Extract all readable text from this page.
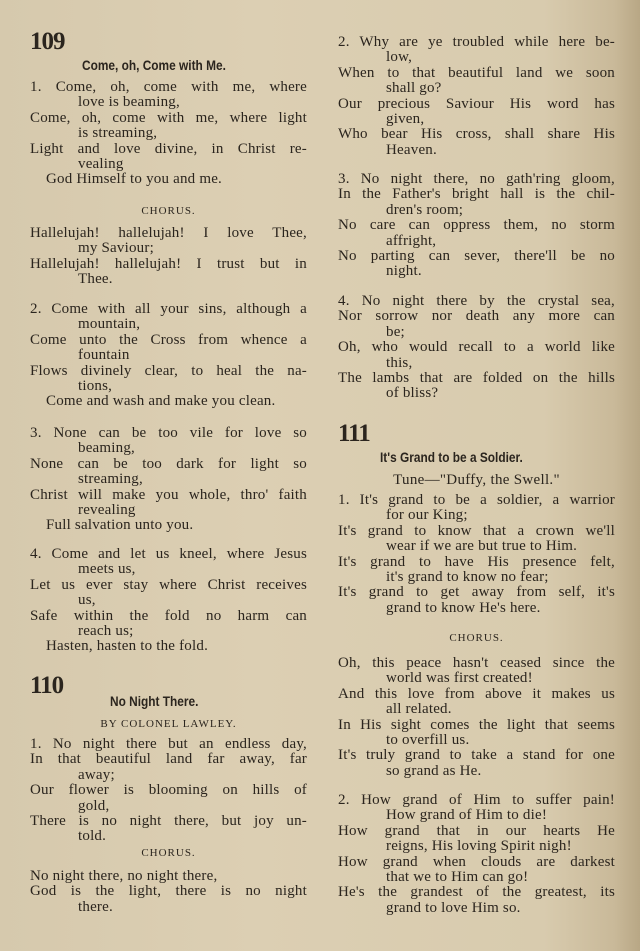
109
Come, oh, Come with Me.
1. Come, oh, come with me, where
love is beaming,
Come, oh, come with me, where light
is streaming,
Light and love divine, in Christ re-
vealing
God Himself to you and me.
CHORUS.
Hallelujah! hallelujah! I love Thee,
my Saviour;
Hallelujah! hallelujah! I trust but in
Thee.
2. Come with all your sins, although a
mountain,
Come unto the Cross from whence a
fountain
Flows divinely clear, to heal the na-
tions,
Come and wash and make you clean.
3. None can be too vile for love so
beaming,
None can be too dark for light so
streaming,
Christ will make you whole, thro' faith
revealing
Full salvation unto you.
4. Come and let us kneel, where Jesus
meets us,
Let us ever stay where Christ receives
us,
Safe within the fold no harm can
reach us;
Hasten, hasten to the fold.
110
No Night There.
BY COLONEL LAWLEY.
1. No night there but an endless day,
In that beautiful land far away, far
away;
Our flower is blooming on hills of
gold,
There is no night there, but joy un-
told.
CHORUS.
No night there, no night there,
God is the light, there is no night
there.
2. Why are ye troubled while here be-
low,
When to that beautiful land we soon
shall go?
Our precious Saviour His word has
given,
Who bear His cross, shall share His
Heaven.
3. No night there, no gath'ring gloom,
In the Father's bright hall is the chil-
dren's room;
No care can oppress them, no storm
affright,
No parting can sever, there'll be no
night.
4. No night there by the crystal sea,
Nor sorrow nor death any more can
be;
Oh, who would recall to a world like
this,
The lambs that are folded on the hills
of bliss?
111
It's Grand to be a Soldier.
Tune—"Duffy, the Swell."
1. It's grand to be a soldier, a warrior
for our King;
It's grand to know that a crown we'll
wear if we are but true to Him.
It's grand to have His presence felt,
it's grand to know no fear;
It's grand to get away from self, it's
grand to know He's here.
CHORUS.
Oh, this peace hasn't ceased since the
world was first created!
And this love from above it makes us
all related.
In His sight comes the light that seems
to overfill us.
It's truly grand to take a stand for one
so grand as He.
2. How grand of Him to suffer pain!
How grand of Him to die!
How grand that in our hearts He
reigns, His loving Spirit nigh!
How grand when clouds are darkest
that we to Him can go!
He's the grandest of the greatest, its
grand to love Him so.
